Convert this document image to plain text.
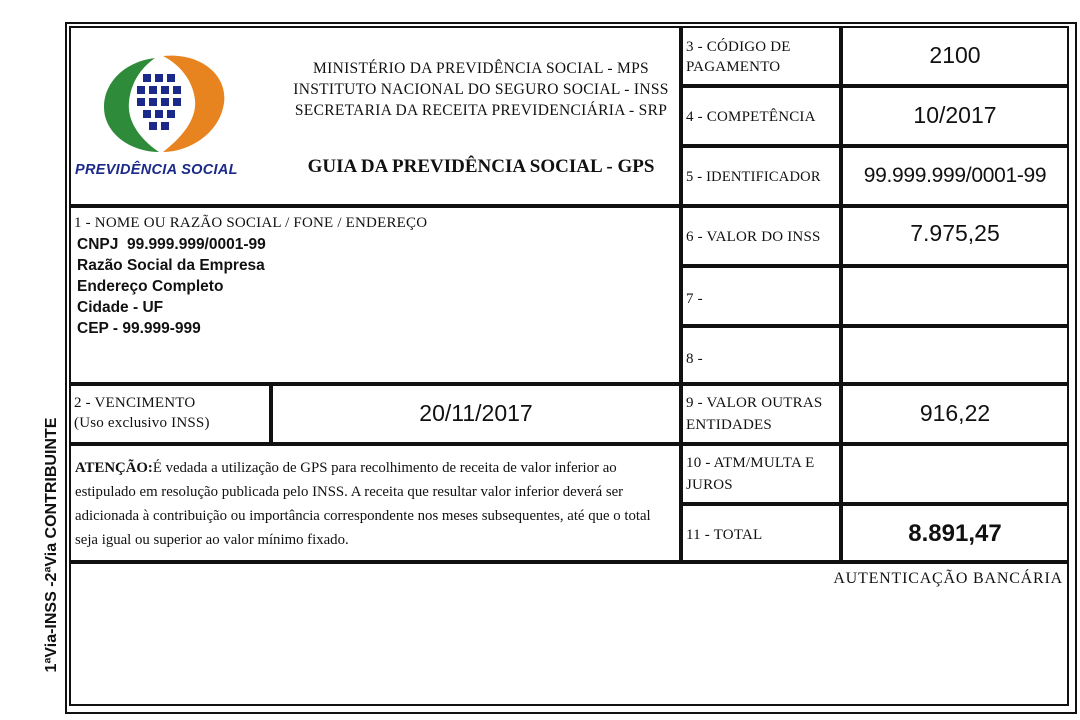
1ªVia-INSS -2ªVia CONTRIBUINTE
PREVIDÊNCIA SOCIAL
MINISTÉRIO DA PREVIDÊNCIA SOCIAL - MPS
INSTITUTO NACIONAL DO SEGURO SOCIAL - INSS
SECRETARIA DA RECEITA PREVIDENCIÁRIA - SRP
GUIA DA PREVIDÊNCIA SOCIAL - GPS
1 - NOME OU RAZÃO SOCIAL / FONE / ENDEREÇO
CNPJ 99.999.999/0001-99
Razão Social da Empresa
Endereço Completo
Cidade - UF
CEP - 99.999-999
2 - VENCIMENTO
(Uso exclusivo INSS)	20/11/2017
ATENÇÃO:É vedada a utilização de GPS para recolhimento de receita de valor inferior ao estipulado em resolução publicada pelo INSS. A receita que resultar valor inferior deverá ser adicionada à contribuição ou importância correspondente nos meses subsequentes, até que o total seja igual ou superior ao valor mínimo fixado.
3 - CÓDIGO DE
PAGAMENTO	2100
4 - COMPETÊNCIA	10/2017
5 - IDENTIFICADOR	99.999.999/0001-99
6 - VALOR DO INSS	7.975,25
7 -
8 -
9 - VALOR OUTRAS
ENTIDADES	916,22
10 - ATM/MULTA E
JUROS
11 - TOTAL	8.891,47
AUTENTICAÇÃO BANCÁRIA
